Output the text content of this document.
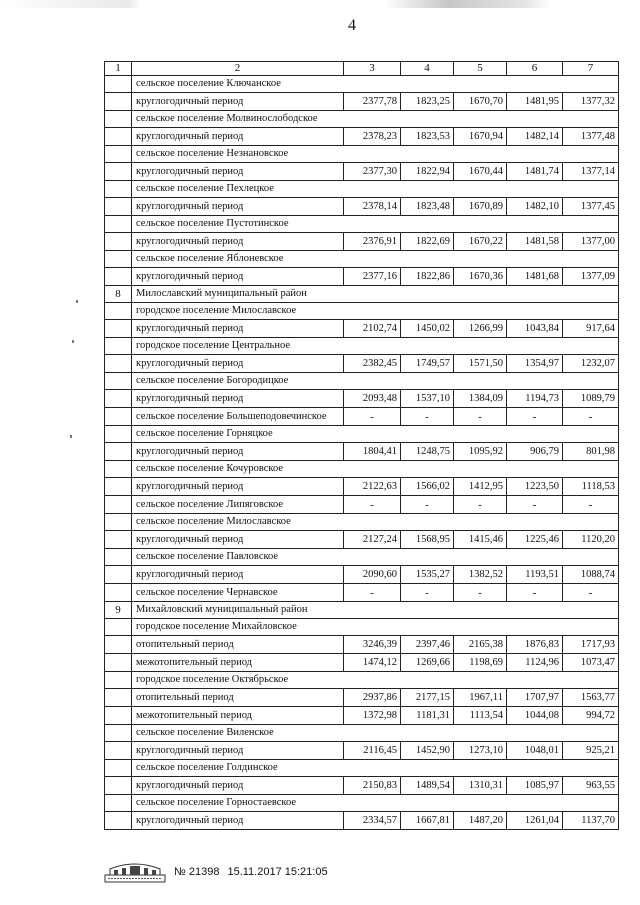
4
1	2	3	4	5	6	7
	сельское поселение Ключанское					
	круглогодичный период	2377,78	1823,25	1670,70	1481,95	1377,32
	сельское поселение Молвинослободское					
	круглогодичный период	2378,23	1823,53	1670,94	1482,14	1377,48
	сельское поселение Незнановское					
	круглогодичный период	2377,30	1822,94	1670,44	1481,74	1377,14
	сельское поселение Пехлецкое					
	круглогодичный период	2378,14	1823,48	1670,89	1482,10	1377,45
	сельское поселение Пустотинское					
	круглогодичный период	2376,91	1822,69	1670,22	1481,58	1377,00
	сельское поселение Яблоневское					
	круглогодичный период	2377,16	1822,86	1670,36	1481,68	1377,09
8	Милославский муниципальный район					
	городское поселение Милославское					
	круглогодичный период	2102,74	1450,02	1266,99	1043,84	917,64
	городское поселение Центральное					
	круглогодичный период	2382,45	1749,57	1571,50	1354,97	1232,07
	сельское поселение Богородицкое					
	круглогодичный период	2093,48	1537,10	1384,09	1194,73	1089,79
	сельское поселение Большеподовечинское	-	-	-	-	-
	сельское поселение Горняцкое					
	круглогодичный период	1804,41	1248,75	1095,92	906,79	801,98
	сельское поселение Кочуровское					
	круглогодичный период	2122,63	1566,02	1412,95	1223,50	1118,53
	сельское поселение Липяговское	-	-	-	-	-
	сельское поселение Милославское					
	круглогодичный период	2127,24	1568,95	1415,46	1225,46	1120,20
	сельское поселение Павловское					
	круглогодичный период	2090,60	1535,27	1382,52	1193,51	1088,74
	сельское поселение Чернавское	-	-	-	-	-
9	Михайловский муниципальный район					
	городское поселение Михайловское					
	отопительный период	3246,39	2397,46	2165,38	1876,83	1717,93
	межотопительный период	1474,12	1269,66	1198,69	1124,96	1073,47
	городское поселение Октябрьское					
	отопительный период	2937,86	2177,15	1967,11	1707,97	1563,77
	межотопительный период	1372,98	1181,31	1113,54	1044,08	994,72
	сельское поселение Виленское					
	круглогодичный период	2116,45	1452,90	1273,10	1048,01	925,21
	сельское поселение Голдинское					
	круглогодичный период	2150,83	1489,54	1310,31	1085,97	963,55
	сельское поселение Горностаевское					
	круглогодичный период	2334,57	1667,81	1487,20	1261,04	1137,70
№ 21398 15.11.2017 15:21:05
